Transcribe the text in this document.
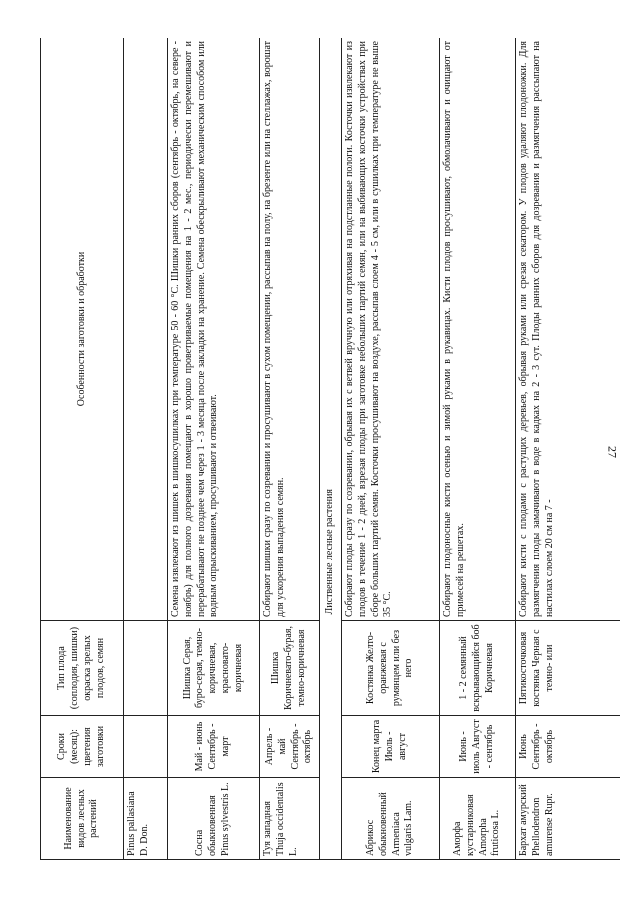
27
Наименование видов лесных растений	Сроки (месяц): цветения заготовки	Тип плода (соплодия, шишки) окраска зрелых плодов, семян	Особенности заготовки и обработки
Pinus pallasiana D. Don.			
Сосна обыкновенная Pinus sylvestris L.	Май - июнь Сентябрь - март	Шишка Серая, буро-серая, темно-коричневая, красновато-коричневая	Семена извлекают из шишек в шишкосушилках при температуре 50 - 60 °С. Шишки ранних сборов (сентябрь - октябрь, на севере - ноябрь) для полного дозревания помещают в хорошо проветриваемые помещения на 1 - 2 мес., периодически перемешивают и перерабатывают не позднее чем через 1 - 3 месяца после закладки на хранение. Семена обескрыливают механическим способом или водным опрыскиванием, просушивают и отвеивают.
Туя западная Thuja occidentalis L.	Апрель - май Сентябрь - октябрь	Шишка Коричневато-бурая, темно-коричневая	Собирают шишки сразу по созревании и просушивают в сухом помещении, рассыпав на полу, на брезенте или на стеллажах, ворошат для ускорения выпадения семян.
			Лиственные лесные растения
Абрикос обыкновенный Armeniaca vulgaris Lam.	Конец марта Июль - август	Костянка Желто-оранжевая с румянцем или без него	Собирают плоды сразу по созревании, обрывая их с ветвей вручную или отряхивая на подстланные пологи. Косточки извлекают из плодов в течение 1 - 2 дней, взрезая плоды при заготовке небольших партий семян, или на выбивающих косточки устройствах при сборе больших партий семян. Косточки просушивают на воздухе, рассыпав слоем 4 - 5 см, или в сушилках при температуре не выше 35 °С.
Аморфа кустарниковая Amorpha fruticosa L.	Июнь - июль Август - сентябрь	1 - 2 семянный вскрывающийся боб Коричневая	Собирают плодоносные кисти осенью и зимой руками в рукавицах. Кисти плодов просушивают, обмолачивают и очищают от примесей на решетах.
Бархат амурский Phellodendron amurense Rupr.	Июнь Сентябрь - октябрь	Пятикосточковая костянка Черная с темно- или	Собирают кисти с плодами с растущих деревьев, обрывая руками или срезая секатором. У плодов удаляют плодоножки. Для размягчения плоды замачивают в воде в кадках на 2 - 3 сут. Плоды ранних сборов для дозревания и размягчения рассыпают на настилах слоем 20 см на 7 -
